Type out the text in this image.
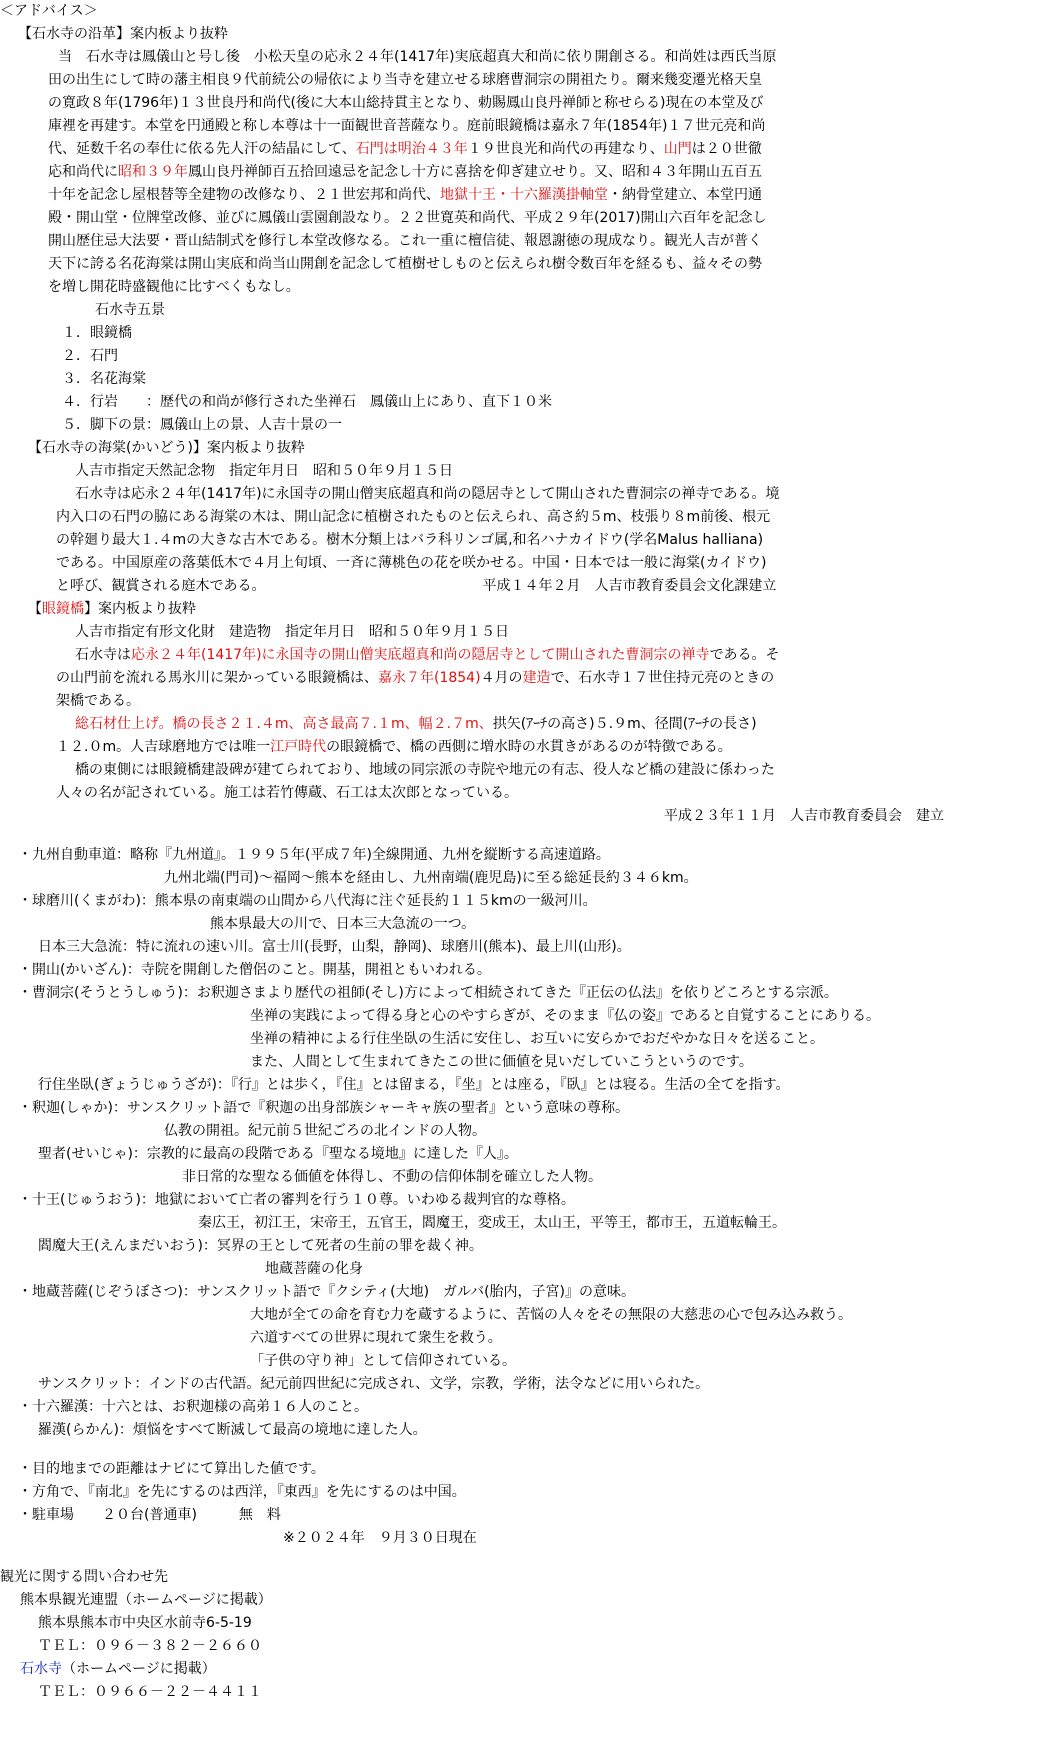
＜アドバイス＞
【石水寺の沿革】案内板より抜粋
当　石水寺は鳳儀山と号し後　小松天皇の応永２４年(1417年)実底超真大和尚に依り開創さる。和尚姓は西氏当原
田の出生にして時の藩主相良９代前続公の帰依により当寺を建立せる球磨曹洞宗の開祖たり。爾来幾変遷光格天皇
の寛政８年(1796年)１３世良丹和尚代(後に大本山総持貫主となり、勅賜鳳山良丹禅師と称せらる)現在の本堂及び
庫裡を再建す。本堂を円通殿と称し本尊は十一面観世音菩薩なり。庭前眼鏡橋は嘉永７年(1854年)１７世元亮和尚
代、延数千名の奉仕に依る先人汗の結晶にして、石門は明治４３年１９世良光和尚代の再建なり、山門は２０世徹
応和尚代に昭和３９年鳳山良丹禅師百五拾回遠忌を記念し十方に喜捨を仰ぎ建立せり。又、昭和４３年開山五百五
十年を記念し屋根替等全建物の改修なり、２１世宏邦和尚代、地獄十王・十六羅漢掛軸堂・納骨堂建立、本堂円通
殿・開山堂・位牌堂改修、並びに鳳儀山雲園創設なり。２２世寛英和尚代、平成２９年(2017)開山六百年を記念し
開山歴住忌大法要・晋山結制式を修行し本堂改修なる。これ一重に檀信徒、報恩謝徳の現成なり。観光人吉が普く
天下に誇る名花海棠は開山実底和尚当山開創を記念して植樹せしものと伝えられ樹令数百年を経るも、益々その勢
を増し開花時盛観他に比すべくもなし。
石水寺五景
１．眼鏡橋
２．石門
３．名花海棠
４．行岩　　：歴代の和尚が修行された坐禅石　鳳儀山上にあり、直下１０米
５．脚下の景：鳳儀山上の景、人吉十景の一
【石水寺の海棠(かいどう)】案内板より抜粋
人吉市指定天然記念物　指定年月日　昭和５０年９月１５日
石水寺は応永２４年(1417年)に永国寺の開山僧実底超真和尚の隠居寺として開山された曹洞宗の禅寺である。境
内入口の石門の脇にある海棠の木は、開山記念に植樹されたものと伝えられ、高さ約５m、枝張り８m前後、根元
の幹廻り最大１.４mの大きな古木である。樹木分類上はバラ科リンゴ属,和名ハナカイドウ(学名Malus halliana)
である。中国原産の落葉低木で４月上旬頃、一斉に薄桃色の花を咲かせる。中国・日本では一般に海棠(カイドウ)
と呼び、観賞される庭木である。　　　　　　　　　　　　　　　　平成１４年２月　人吉市教育委員会文化課建立
【眼鏡橋】案内板より抜粋
人吉市指定有形文化財　建造物　指定年月日　昭和５０年９月１５日
石水寺は応永２４年(1417年)に永国寺の開山僧実底超真和尚の隠居寺として開山された曹洞宗の禅寺である。そ
の山門前を流れる馬氷川に架かっている眼鏡橋は、嘉永７年(1854)４月の建造で、石水寺１７世住持元亮のときの
架橋である。
総石材仕上げ。橋の長さ２１.４m、高さ最高７.１m、幅２.７m、拱矢(ｱｰﾁの高さ)５.９m、径間(ｱｰﾁの長さ)
１２.０m。人吉球磨地方では唯一江戸時代の眼鏡橋で、橋の西側に増水時の水貫きがあるのが特徴である。
橋の東側には眼鏡橋建設碑が建てられており、地域の同宗派の寺院や地元の有志、役人など橋の建設に係わった
人々の名が記されている。施工は若竹傳蔵、石工は太次郎となっている。
平成２３年１１月　人吉市教育委員会　建立
・九州自動車道：略称『九州道』。１９９５年(平成７年)全線開通、九州を縦断する高速道路。
九州北端(門司)～福岡～熊本を経由し、九州南端(鹿児島)に至る総延長約３４６km。
・球磨川(くまがわ)：熊本県の南東端の山間から八代海に注ぐ延長約１１５kmの一級河川。
熊本県最大の川で、日本三大急流の一つ。
日本三大急流：特に流れの速い川。富士川(長野，山梨，静岡)、球磨川(熊本)、最上川(山形)。
・開山(かいざん)：寺院を開創した僧侶のこと。開基，開祖ともいわれる。
・曹洞宗(そうとうしゅう)：お釈迦さまより歴代の祖師(そし)方によって相続されてきた『正伝の仏法』を依りどころとする宗派。
坐禅の実践によって得る身と心のやすらぎが、そのまま『仏の姿』であると自覚することにありる。
坐禅の精神による行住坐臥の生活に安住し、お互いに安らかでおだやかな日々を送ること。
また、人間として生まれてきたこの世に価値を見いだしていこうというのです。
行住坐臥(ぎょうじゅうざが)：『行』とは歩く，『住』とは留まる，『坐』とは座る，『臥』とは寝る。生活の全てを指す。
・釈迦(しゃか)：サンスクリット語で『釈迦の出身部族シャーキャ族の聖者』という意味の尊称。
仏教の開祖。紀元前５世紀ごろの北インドの人物。
聖者(せいじゃ)：宗教的に最高の段階である『聖なる境地』に達した『人』。
非日常的な聖なる価値を体得し、不動の信仰体制を確立した人物。
・十王(じゅうおう)：地獄において亡者の審判を行う１０尊。いわゆる裁判官的な尊格。
秦広王，初江王，宋帝王，五官王，閻魔王，変成王，太山王，平等王，都市王，五道転輪王。
閻魔大王(えんまだいおう)：冥界の王として死者の生前の罪を裁く神。
地蔵菩薩の化身
・地蔵菩薩(じぞうぼさつ)：サンスクリット語で『クシティ(大地)　ガルバ(胎内，子宮)』の意味。
大地が全ての命を育む力を蔵するように、苦悩の人々をその無限の大慈悲の心で包み込み救う。
六道すべての世界に現れて衆生を救う。
「子供の守り神」として信仰されている。
サンスクリット：インドの古代語。紀元前四世紀に完成され、文学，宗教，学術，法令などに用いられた。
・十六羅漢：十六とは、お釈迦様の高弟１６人のこと。
羅漢(らかん)：煩悩をすべて断滅して最高の境地に達した人。
・目的地までの距離はナビにて算出した値です。
・方角で、『南北』を先にするのは西洋，『東西』を先にするのは中国。
・駐車場　　２０台(普通車)　　　無　料
※２０２４年　９月３０日現在
観光に関する問い合わせ先
熊本県観光連盟（ホームページに掲載）
熊本県熊本市中央区水前寺6-5-19
ＴＥＬ：０９６－３８２－２６６０
石水寺（ホームページに掲載）
ＴＥＬ：０９６６－２２－４４１１
